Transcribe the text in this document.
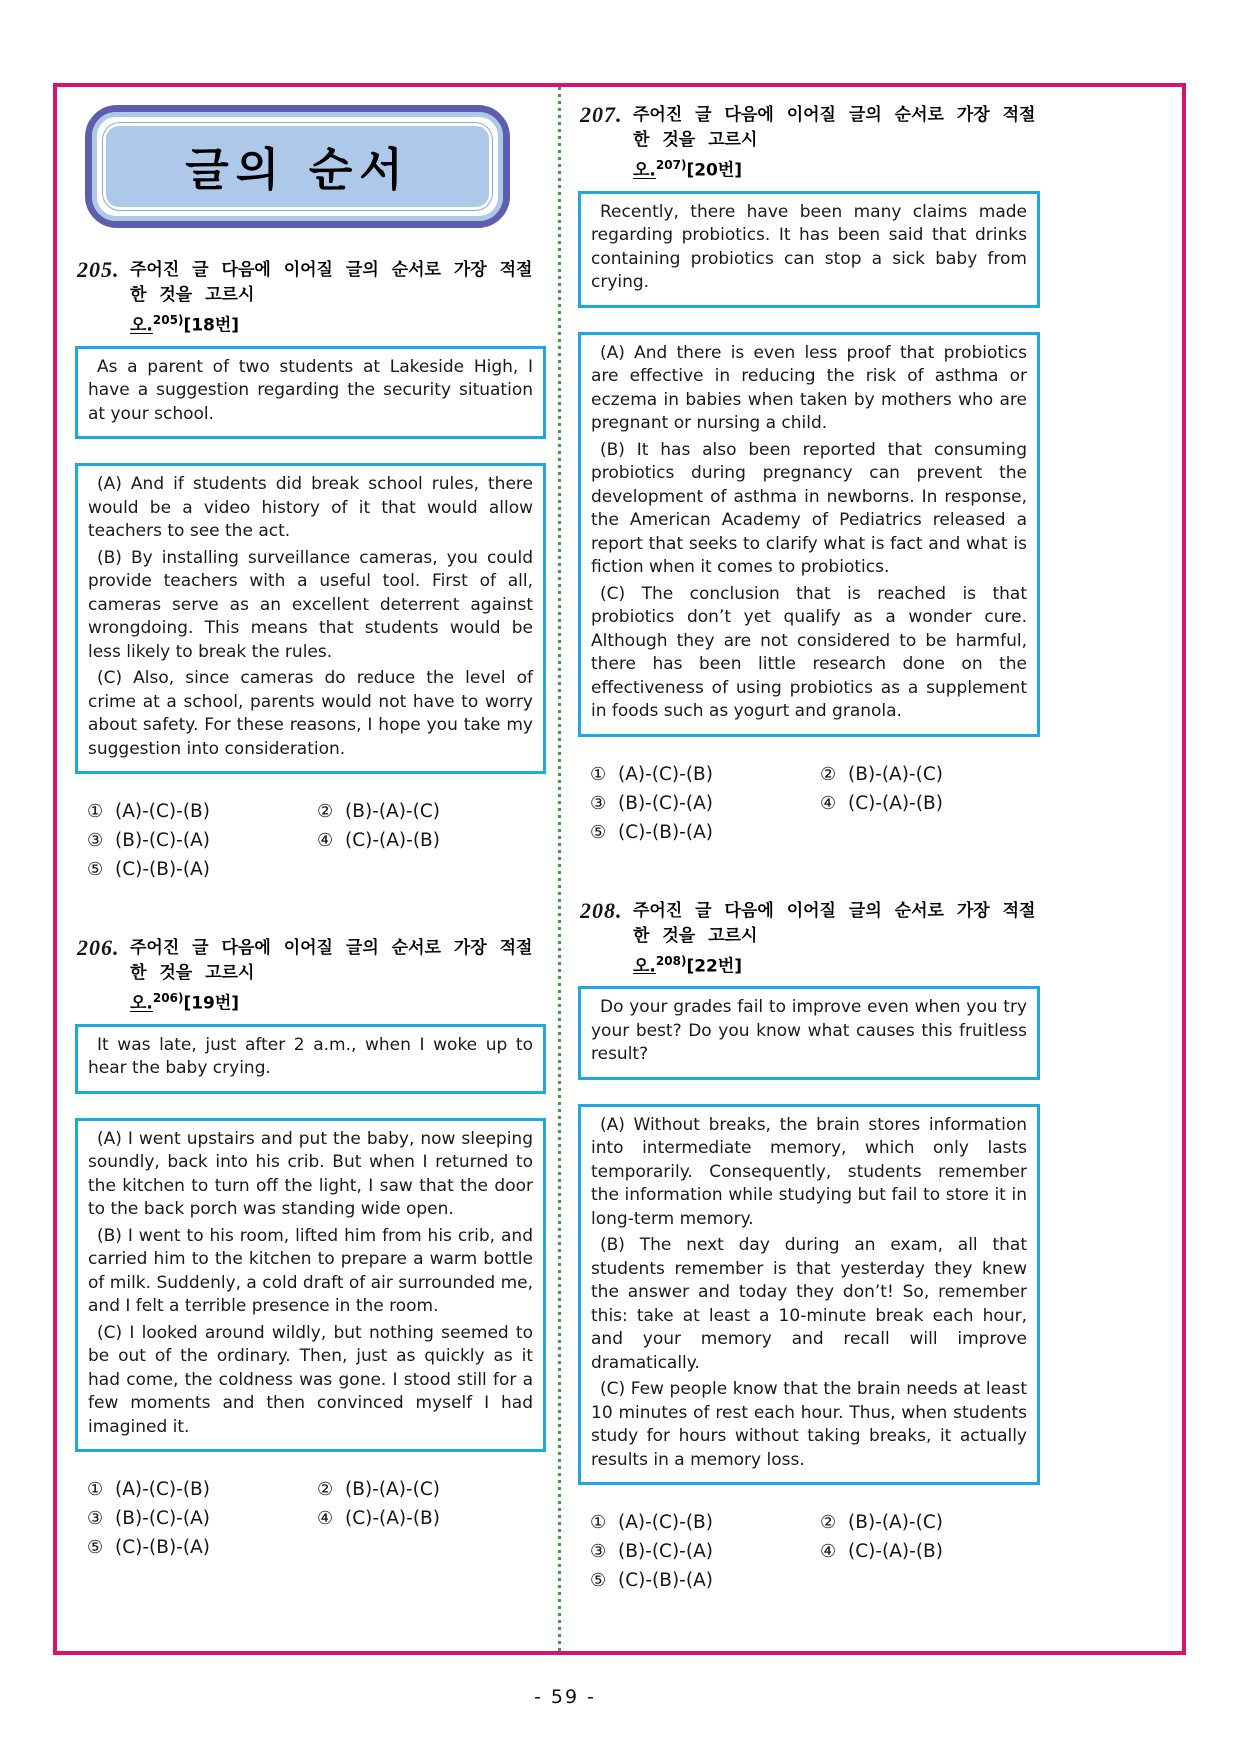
글의 순서
205. 주어진 글 다음에 이어질 글의 순서로 가장 적절한 것을 고르시
오.$^{205)}$[18번]

As a parent of two students at Lakeside High, I have a suggestion regarding the security situation at your school.

(A) And if students did break school rules, there would be a video history of it that would allow teachers to see the act.

(B) By installing surveillance cameras, you could provide teachers with a useful tool. First of all, cameras serve as an excellent deterrent against wrongdoing. This means that students would be less likely to break the rules.

(C) Also, since cameras do reduce the level of crime at a school, parents would not have to worry about safety. For these reasons, I hope you take my suggestion into consideration.

① (A)-(C)-(B)	② (B)-(A)-(C)
③ (B)-(C)-(A)	④ (C)-(A)-(B)
⑤ (C)-(B)-(A)
206. 주어진 글 다음에 이어질 글의 순서로 가장 적절한 것을 고르시
오.$^{206)}$[19번]

It was late, just after 2 a.m., when I woke up to hear the baby crying.

(A) I went upstairs and put the baby, now sleeping soundly, back into his crib. But when I returned to the kitchen to turn off the light, I saw that the door to the back porch was standing wide open.

(B) I went to his room, lifted him from his crib, and carried him to the kitchen to prepare a warm bottle of milk. Suddenly, a cold draft of air surrounded me, and I felt a terrible presence in the room.

(C) I looked around wildly, but nothing seemed to be out of the ordinary. Then, just as quickly as it had come, the coldness was gone. I stood still for a few moments and then convinced myself I had imagined it.

① (A)-(C)-(B)	② (B)-(A)-(C)
③ (B)-(C)-(A)	④ (C)-(A)-(B)
⑤ (C)-(B)-(A)
207. 주어진 글 다음에 이어질 글의 순서로 가장 적절한 것을 고르시
오.$^{207)}$[20번]

Recently, there have been many claims made regarding probiotics. It has been said that drinks containing probiotics can stop a sick baby from crying.

(A) And there is even less proof that probiotics are effective in reducing the risk of asthma or eczema in babies when taken by mothers who are pregnant or nursing a child.

(B) It has also been reported that consuming probiotics during pregnancy can prevent the development of asthma in newborns. In response, the American Academy of Pediatrics released a report that seeks to clarify what is fact and what is fiction when it comes to probiotics.

(C) The conclusion that is reached is that probiotics don’t yet qualify as a wonder cure. Although they are not considered to be harmful, there has been little research done on the effectiveness of using probiotics as a supplement in foods such as yogurt and granola.

① (A)-(C)-(B)	② (B)-(A)-(C)
③ (B)-(C)-(A)	④ (C)-(A)-(B)
⑤ (C)-(B)-(A)
208. 주어진 글 다음에 이어질 글의 순서로 가장 적절한 것을 고르시
오.$^{208)}$[22번]

Do your grades fail to improve even when you try your best? Do you know what causes this fruitless result?

(A) Without breaks, the brain stores information into intermediate memory, which only lasts temporarily. Consequently, students remember the information while studying but fail to store it in long-term memory.

(B) The next day during an exam, all that students remember is that yesterday they knew the answer and today they don’t! So, remember this: take at least a 10-minute break each hour, and your memory and recall will improve dramatically.

(C) Few people know that the brain needs at least 10 minutes of rest each hour. Thus, when students study for hours without taking breaks, it actually results in a memory loss.

① (A)-(C)-(B)	② (B)-(A)-(C)
③ (B)-(C)-(A)	④ (C)-(A)-(B)
⑤ (C)-(B)-(A)
- 59 -
